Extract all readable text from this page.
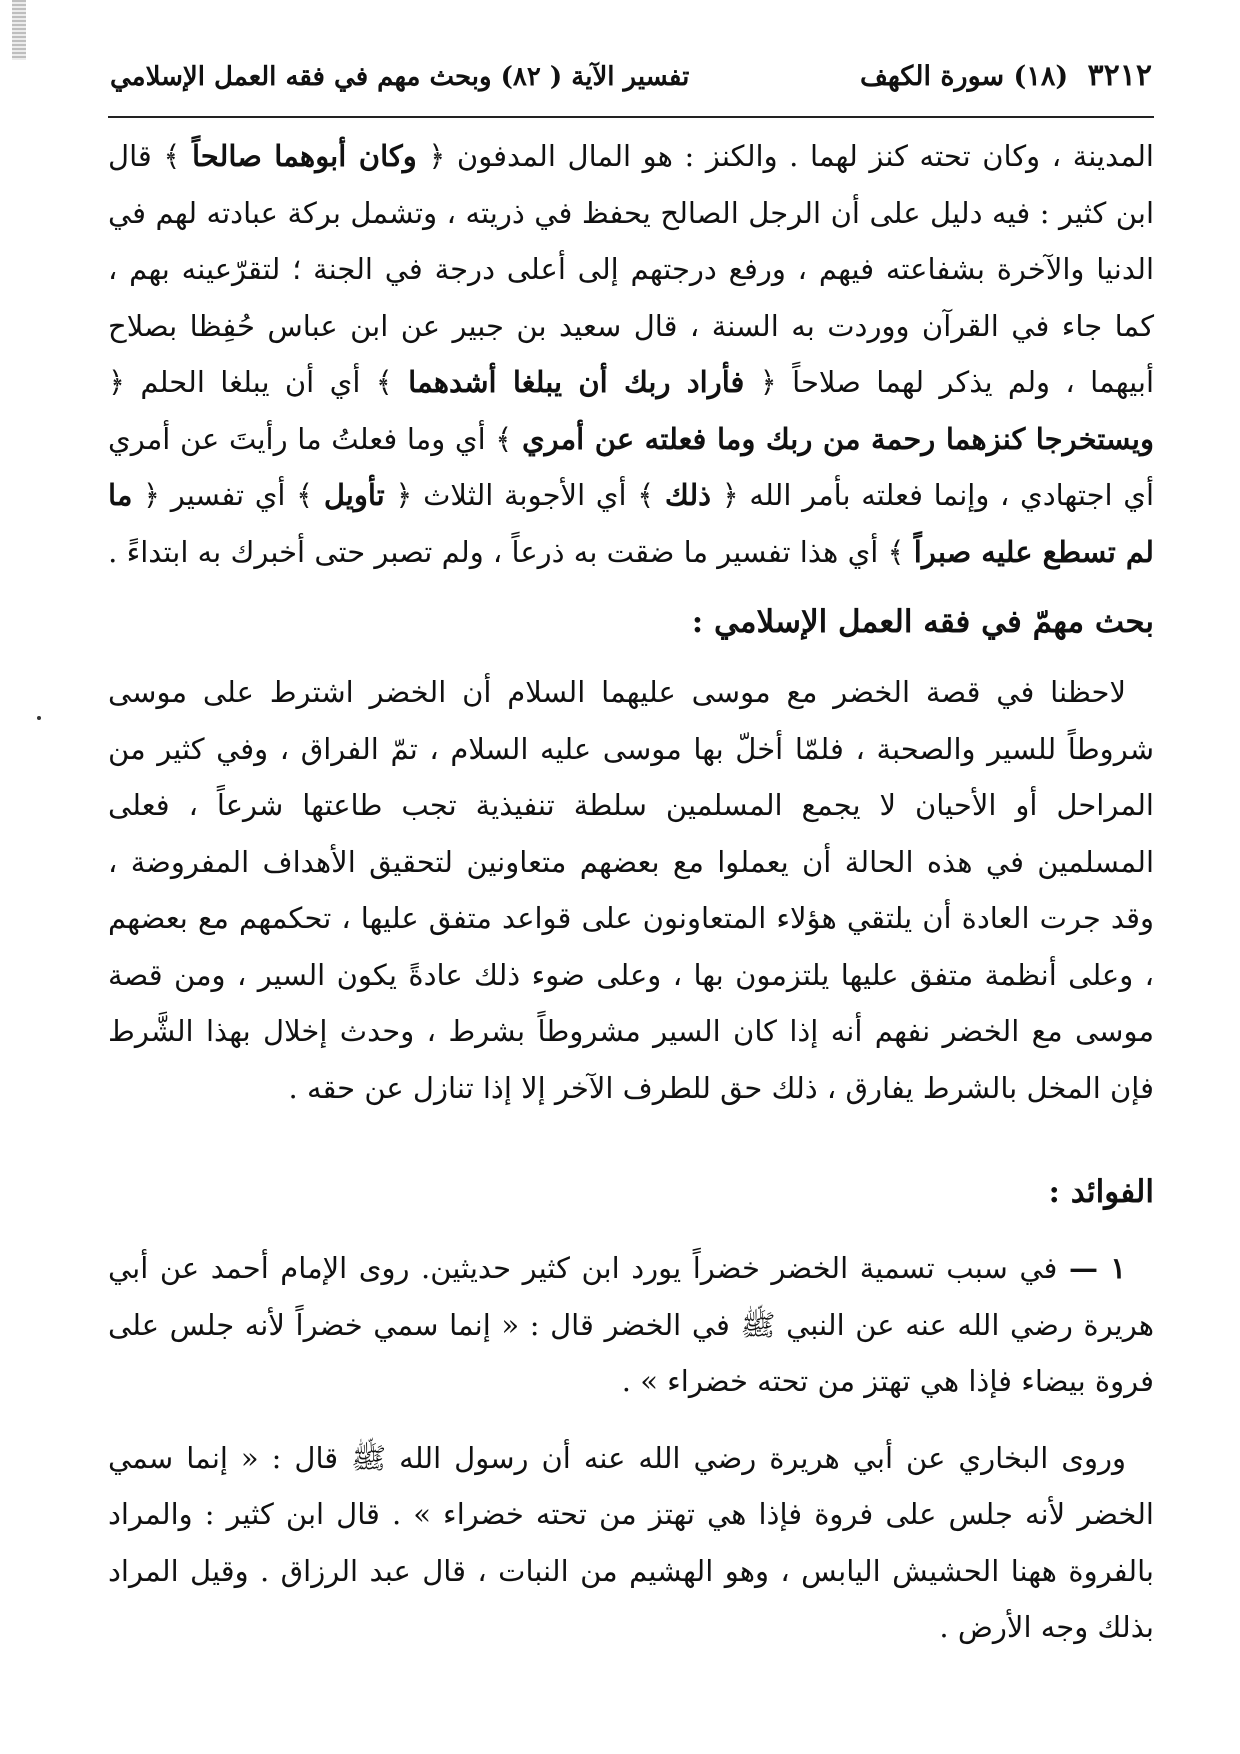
٣٢١٢ (١٨) سورة الكهف
تفسير الآية ( ٨٢) وبحث مهم في فقه العمل الإسلامي

المدينة ، وكان تحته كنز لهما . والكنز : هو المال المدفون ﴿ وكان أبوهما صالحاً ﴾ قال ابن كثير : فيه دليل على أن الرجل الصالح يحفظ في ذريته ، وتشمل بركة عبادته لهم في الدنيا والآخرة بشفاعته فيهم ، ورفع درجتهم إلى أعلى درجة في الجنة ؛ لتقرّعينه بهم ، كما جاء في القرآن ووردت به السنة ، قال سعيد بن جبير عن ابن عباس حُفِظا بصلاح أبيهما ، ولم يذكر لهما صلاحاً ﴿ فأراد ربك أن يبلغا أشدهما ﴾ أي أن يبلغا الحلم ﴿ ويستخرجا كنزهما رحمة من ربك وما فعلته عن أمري ﴾ أي وما فعلتُ ما رأيتَ عن أمري أي اجتهادي ، وإنما فعلته بأمر الله ﴿ ذلك ﴾ أي الأجوبة الثلاث ﴿ تأويل ﴾ أي تفسير ﴿ ما لم تسطع عليه صبراً ﴾ أي هذا تفسير ما ضقت به ذرعاً ، ولم تصبر حتى أخبرك به ابتداءً .

بحث مهمّ في فقه العمل الإسلامي :

لاحظنا في قصة الخضر مع موسى عليهما السلام أن الخضر اشترط على موسى شروطاً للسير والصحبة ، فلمّا أخلّ بها موسى عليه السلام ، تمّ الفراق ، وفي كثير من المراحل أو الأحيان لا يجمع المسلمين سلطة تنفيذية تجب طاعتها شرعاً ، فعلى المسلمين في هذه الحالة أن يعملوا مع بعضهم متعاونين لتحقيق الأهداف المفروضة ، وقد جرت العادة أن يلتقي هؤلاء المتعاونون على قواعد متفق عليها ، تحكمهم مع بعضهم ، وعلى أنظمة متفق عليها يلتزمون بها ، وعلى ضوء ذلك عادةً يكون السير ، ومن قصة موسى مع الخضر نفهم أنه إذا كان السير مشروطاً بشرط ، وحدث إخلال بهذا الشَّرط فإن المخل بالشرط يفارق ، ذلك حق للطرف الآخر إلا إذا تنازل عن حقه .

الفوائد :

١ — في سبب تسمية الخضر خضراً يورد ابن كثير حديثين. روى الإمام أحمد عن أبي هريرة رضي الله عنه عن النبي ﷺ في الخضر قال : « إنما سمي خضراً لأنه جلس على فروة بيضاء فإذا هي تهتز من تحته خضراء » .

وروى البخاري عن أبي هريرة رضي الله عنه أن رسول الله ﷺ قال : « إنما سمي الخضر لأنه جلس على فروة فإذا هي تهتز من تحته خضراء » . قال ابن كثير : والمراد بالفروة ههنا الحشيش اليابس ، وهو الهشيم من النبات ، قال عبد الرزاق . وقيل المراد بذلك وجه الأرض .
